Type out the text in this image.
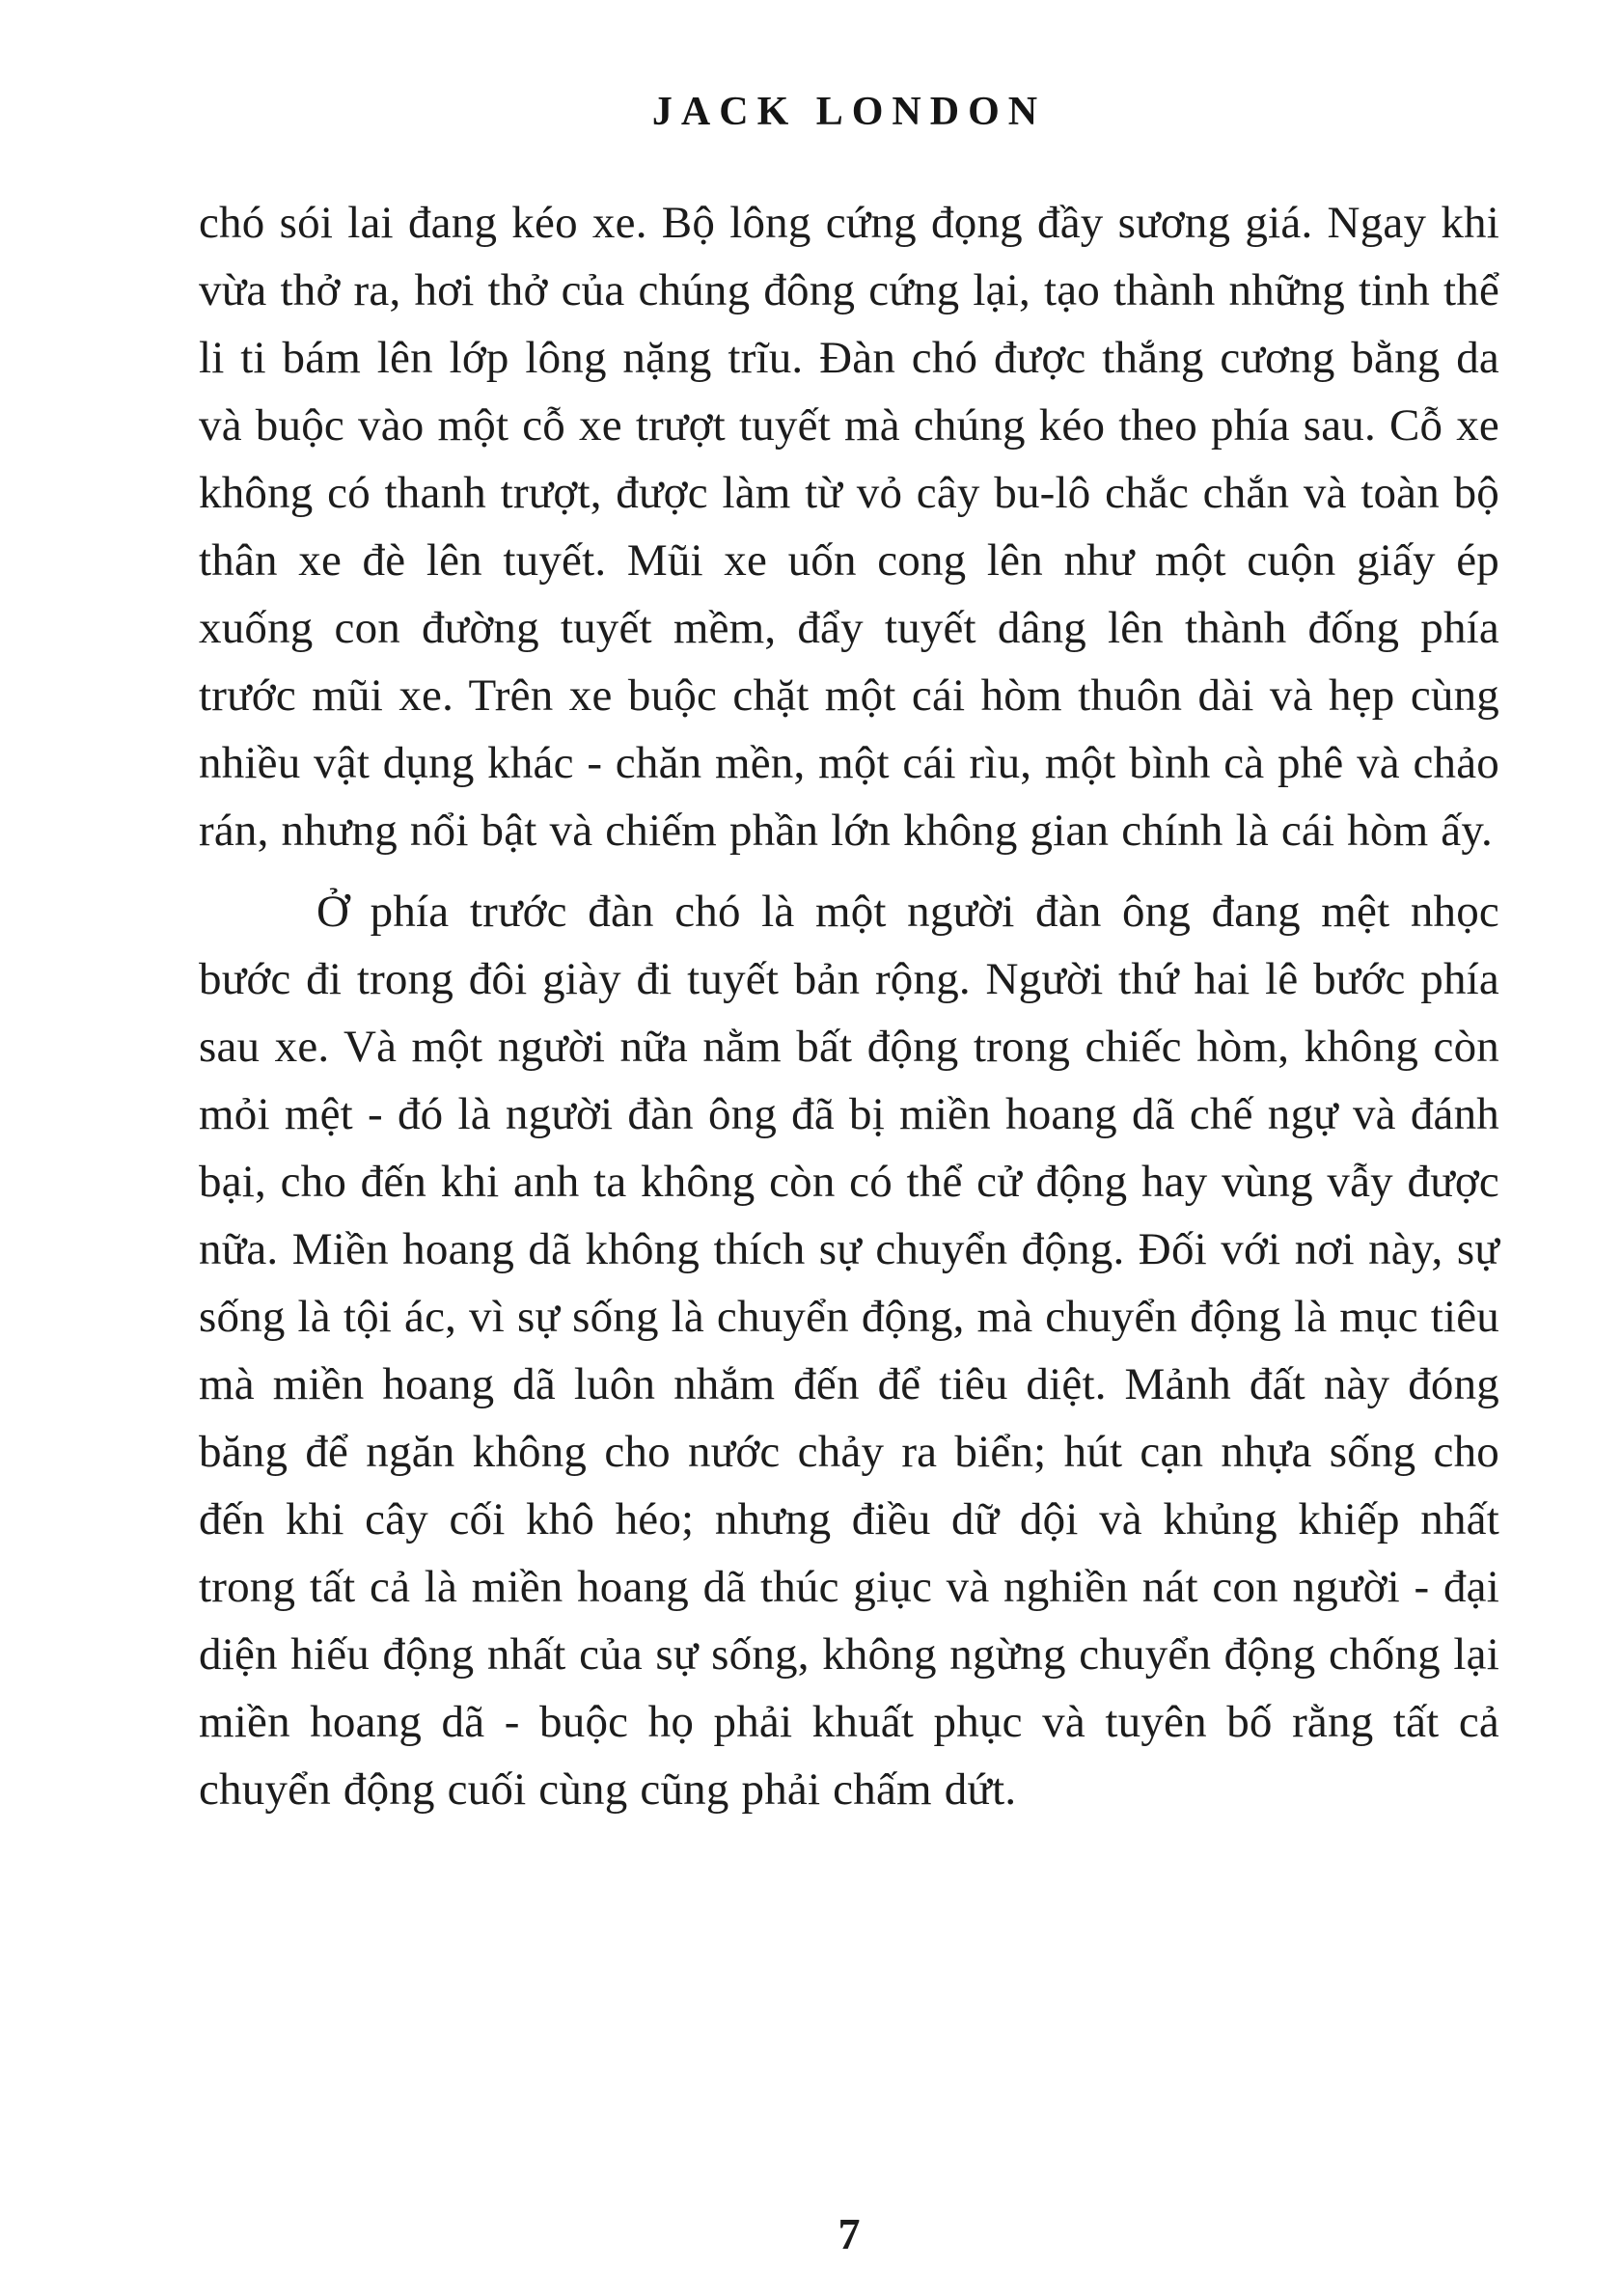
JACK LONDON

chó sói lai đang kéo xe. Bộ lông cứng đọng đầy sương giá. Ngay khi vừa thở ra, hơi thở của chúng đông cứng lại, tạo thành những tinh thể li ti bám lên lớp lông nặng trĩu. Đàn chó được thắng cương bằng da và buộc vào một cỗ xe trượt tuyết mà chúng kéo theo phía sau. Cỗ xe không có thanh trượt, được làm từ vỏ cây bu-lô chắc chắn và toàn bộ thân xe đè lên tuyết. Mũi xe uốn cong lên như một cuộn giấy ép xuống con đường tuyết mềm, đẩy tuyết dâng lên thành đống phía trước mũi xe. Trên xe buộc chặt một cái hòm thuôn dài và hẹp cùng nhiều vật dụng khác - chăn mền, một cái rìu, một bình cà phê và chảo rán, nhưng nổi bật và chiếm phần lớn không gian chính là cái hòm ấy.

Ở phía trước đàn chó là một người đàn ông đang mệt nhọc bước đi trong đôi giày đi tuyết bản rộng. Người thứ hai lê bước phía sau xe. Và một người nữa nằm bất động trong chiếc hòm, không còn mỏi mệt - đó là người đàn ông đã bị miền hoang dã chế ngự và đánh bại, cho đến khi anh ta không còn có thể cử động hay vùng vẫy được nữa. Miền hoang dã không thích sự chuyển động. Đối với nơi này, sự sống là tội ác, vì sự sống là chuyển động, mà chuyển động là mục tiêu mà miền hoang dã luôn nhắm đến để tiêu diệt. Mảnh đất này đóng băng để ngăn không cho nước chảy ra biển; hút cạn nhựa sống cho đến khi cây cối khô héo; nhưng điều dữ dội và khủng khiếp nhất trong tất cả là miền hoang dã thúc giục và nghiền nát con người - đại diện hiếu động nhất của sự sống, không ngừng chuyển động chống lại miền hoang dã - buộc họ phải khuất phục và tuyên bố rằng tất cả chuyển động cuối cùng cũng phải chấm dứt.

7
